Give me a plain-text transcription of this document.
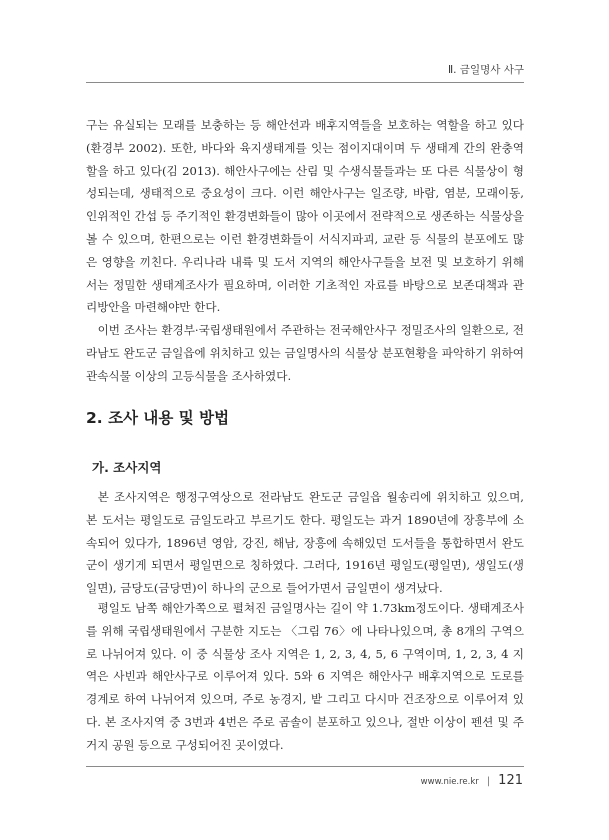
Ⅱ. 금일명사 사구

구는 유실되는 모래를 보충하는 등 해안선과 배후지역들을 보호하는 역할을 하고 있다(환경부 2002). 또한, 바다와 육지생태계를 잇는 점이지대이며 두 생태계 간의 완충역할을 하고 있다(김 2013). 해안사구에는 산림 및 수생식물들과는 또 다른 식물상이 형성되는데, 생태적으로 중요성이 크다. 이런 해안사구는 일조량, 바람, 염분, 모래이동, 인위적인 간섭 등 주기적인 환경변화들이 많아 이곳에서 전략적으로 생존하는 식물상을 볼 수 있으며, 한편으로는 이런 환경변화들이 서식지파괴, 교란 등 식물의 분포에도 많은 영향을 끼친다. 우리나라 내륙 및 도서 지역의 해안사구들을 보전 및 보호하기 위해서는 정밀한 생태계조사가 필요하며, 이러한 기초적인 자료를 바탕으로 보존대책과 관리방안을 마련해야만 한다.

이번 조사는 환경부·국립생태원에서 주관하는 전국해안사구 정밀조사의 일환으로, 전라남도 완도군 금일읍에 위치하고 있는 금일명사의 식물상 분포현황을 파악하기 위하여 관속식물 이상의 고등식물을 조사하였다.

2. 조사 내용 및 방법
가. 조사지역

본 조사지역은 행정구역상으로 전라남도 완도군 금일읍 월송리에 위치하고 있으며, 본 도서는 평일도로 금일도라고 부르기도 한다. 평일도는 과거 1890년에 장흥부에 소속되어 있다가, 1896년 영암, 강진, 해남, 장흥에 속해있던 도서들을 통합하면서 완도군이 생기게 되면서 평일면으로 칭하였다. 그러다, 1916년 평일도(평일면), 생일도(생일면), 금당도(금당면)이 하나의 군으로 들어가면서 금일면이 생겨났다.

평일도 남쪽 해안가쪽으로 펼쳐진 금일명사는 길이 약 1.73km정도이다. 생태계조사를 위해 국립생태원에서 구분한 지도는 〈그림 76〉에 나타나있으며, 총 8개의 구역으로 나뉘어져 있다. 이 중 식물상 조사 지역은 1, 2, 3, 4, 5, 6 구역이며, 1, 2, 3, 4 지역은 사빈과 해안사구로 이루어져 있다. 5와 6 지역은 해안사구 배후지역으로 도로를 경계로 하여 나뉘어져 있으며, 주로 농경지, 밭 그리고 다시마 건조장으로 이루어져 있다. 본 조사지역 중 3번과 4번은 주로 곰솔이 분포하고 있으나, 절반 이상이 펜션 및 주거지 공원 등으로 구성되어진 곳이였다.

www.nie.re.kr | 121
